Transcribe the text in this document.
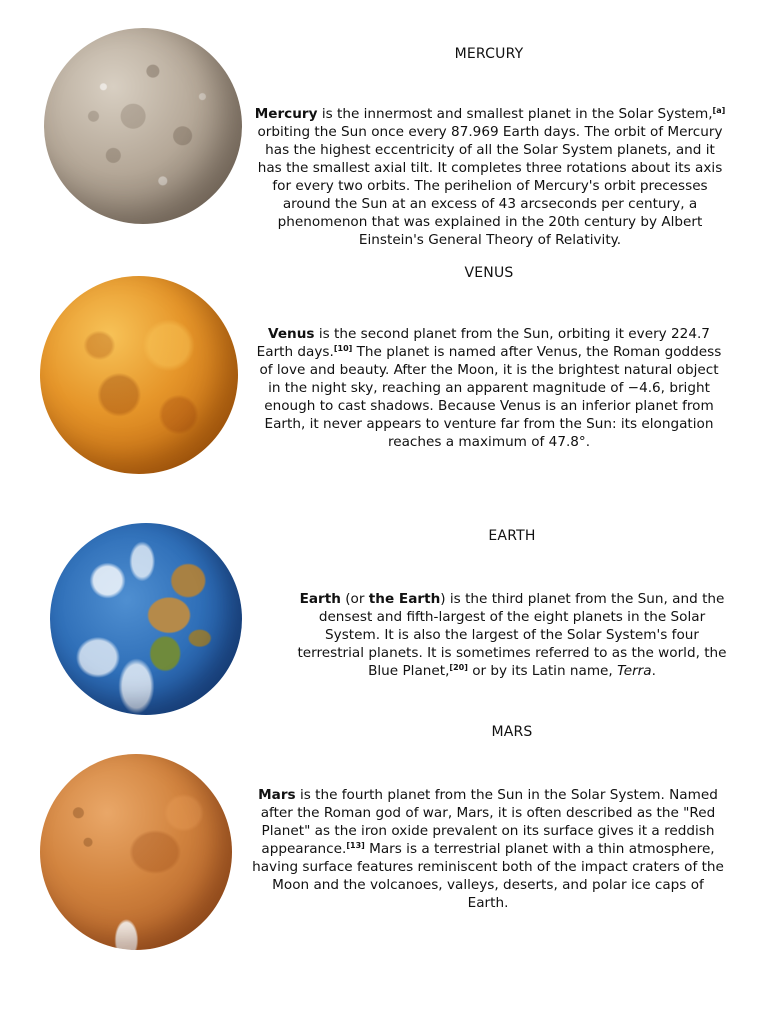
MERCURY
Mercury is the innermost and smallest planet in the Solar System,[a] orbiting the Sun once every 87.969 Earth days. The orbit of Mercury has the highest eccentricity of all the Solar System planets, and it has the smallest axial tilt. It completes three rotations about its axis for every two orbits. The perihelion of Mercury's orbit precesses around the Sun at an excess of 43 arcseconds per century, a phenomenon that was explained in the 20th century by Albert Einstein's General Theory of Relativity.
VENUS
Venus is the second planet from the Sun, orbiting it every 224.7 Earth days.[10] The planet is named after Venus, the Roman goddess of love and beauty. After the Moon, it is the brightest natural object in the night sky, reaching an apparent magnitude of −4.6, bright enough to cast shadows. Because Venus is an inferior planet from Earth, it never appears to venture far from the Sun: its elongation reaches a maximum of 47.8°.
EARTH
Earth (or the Earth) is the third planet from the Sun, and the densest and fifth-largest of the eight planets in the Solar System. It is also the largest of the Solar System's four terrestrial planets. It is sometimes referred to as the world, the Blue Planet,[20] or by its Latin name, Terra.
MARS
Mars is the fourth planet from the Sun in the Solar System. Named after the Roman god of war, Mars, it is often described as the "Red Planet" as the iron oxide prevalent on its surface gives it a reddish appearance.[13] Mars is a terrestrial planet with a thin atmosphere, having surface features reminiscent both of the impact craters of the Moon and the volcanoes, valleys, deserts, and polar ice caps of Earth.
